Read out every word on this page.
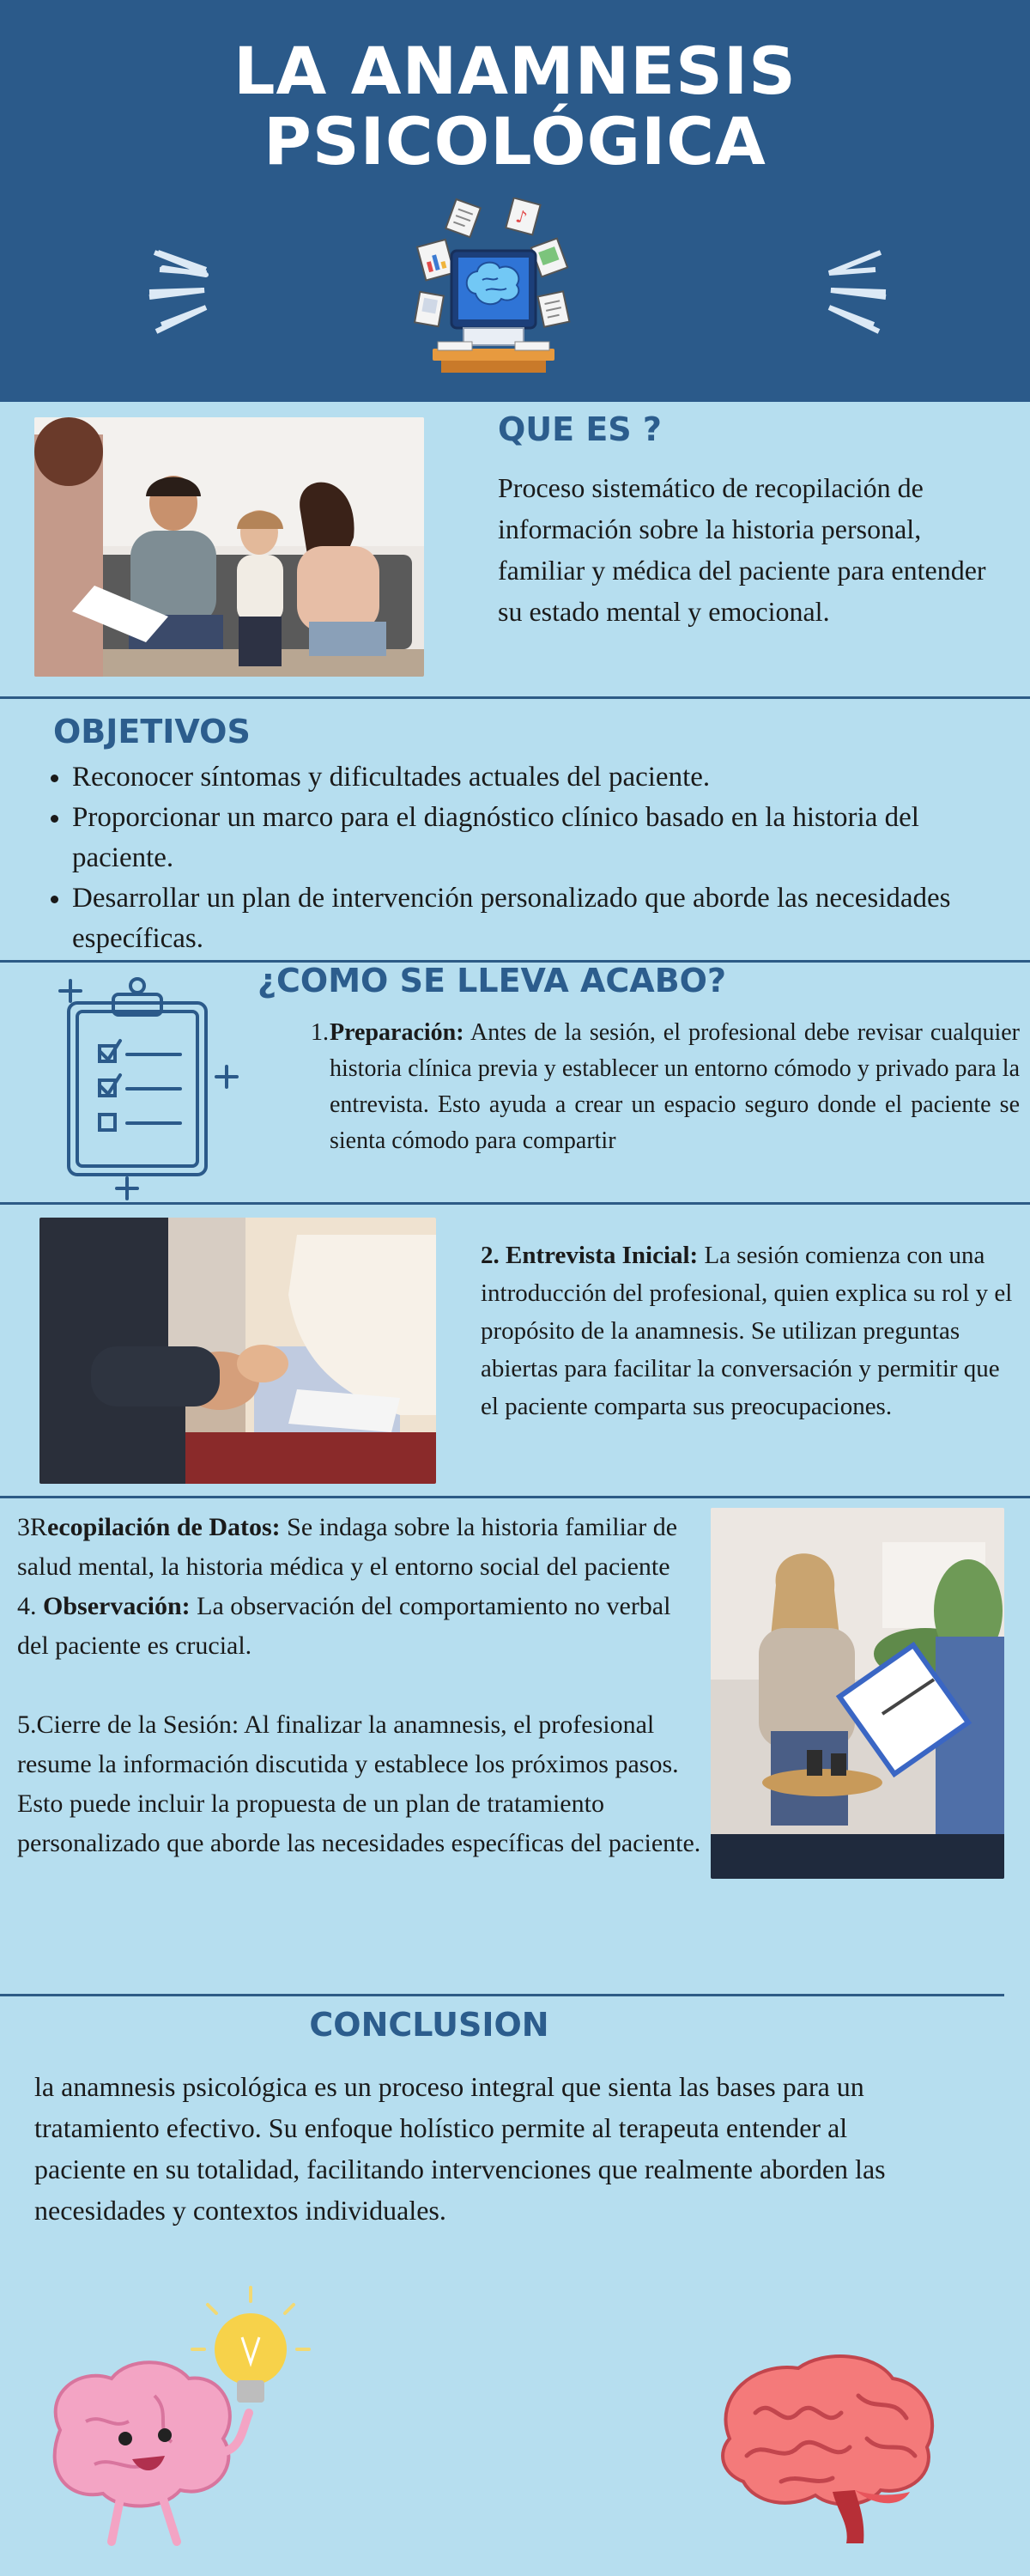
LA ANAMNESIS
PSICOLÓGICA
♪
QUE ES ?
Proceso sistemático de recopilación de información sobre la historia personal, familiar y médica del paciente para entender su estado mental y emocional.
OBJETIVOS
• Reconocer síntomas y dificultades actuales del paciente.
• Proporcionar un marco para el diagnóstico clínico basado en la historia del paciente.
• Desarrollar un plan de intervención personalizado que aborde las necesidades específicas.
¿COMO SE LLEVA ACABO?
1. Preparación: Antes de la sesión, el profesional debe revisar cualquier historia clínica previa y establecer un entorno cómodo y privado para la entrevista. Esto ayuda a crear un espacio seguro donde el paciente se sienta cómodo para compartir
2. Entrevista Inicial: La sesión comienza con una introducción del profesional, quien explica su rol y el propósito de la anamnesis. Se utilizan preguntas abiertas para facilitar la conversación y permitir que el paciente comparta sus preocupaciones.
3Recopilación de Datos: Se indaga sobre la historia familiar de salud mental, la historia médica y el entorno social del paciente
4. Observación: La observación del comportamiento no verbal del paciente es crucial.
5.Cierre de la Sesión: Al finalizar la anamnesis, el profesional resume la información discutida y establece los próximos pasos. Esto puede incluir la propuesta de un plan de tratamiento personalizado que aborde las necesidades específicas del paciente.
CONCLUSION
la anamnesis psicológica es un proceso integral que sienta las bases para un tratamiento efectivo. Su enfoque holístico permite al terapeuta entender al paciente en su totalidad, facilitando intervenciones que realmente aborden las necesidades y contextos individuales.
